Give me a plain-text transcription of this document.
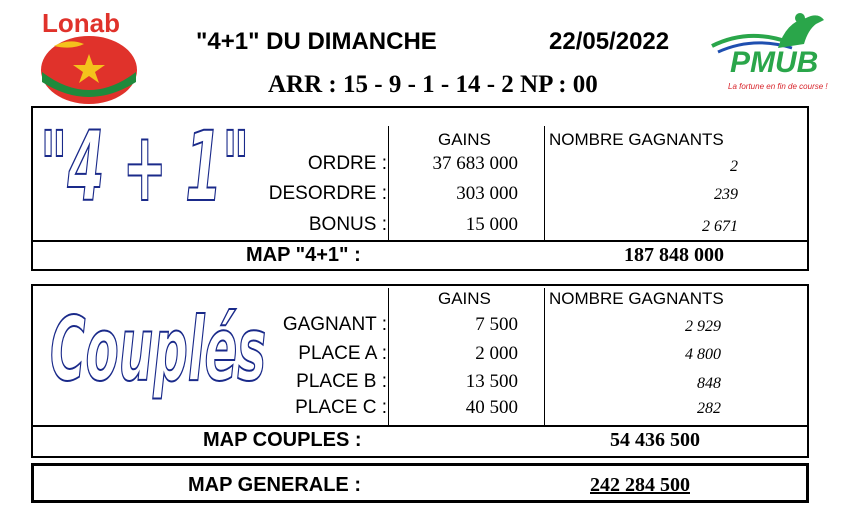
Lonab
"4+1" DU DIMANCHE	22/05/2022
ARR : 15 - 9 - 1 - 14 - 2 NP : 00
PMUB
La fortune en fin de course !
"4 + 1"	GAINS	NOMBRE GAGNANTS
ORDRE : 37 683 000	2
DESORDRE :	303 000	239
BONUS :	15 000	2 671
MAP "4+1" :	187 848 000
Couplés	GAINS	NOMBRE GAGNANTS
GAGNANT :	7 500	2 929
PLACE A :	2 000	4 800
PLACE B :	13 500	848
PLACE C :	40 500	282
MAP COUPLES :	54 436 500
MAP GENERALE :	242 284 500
